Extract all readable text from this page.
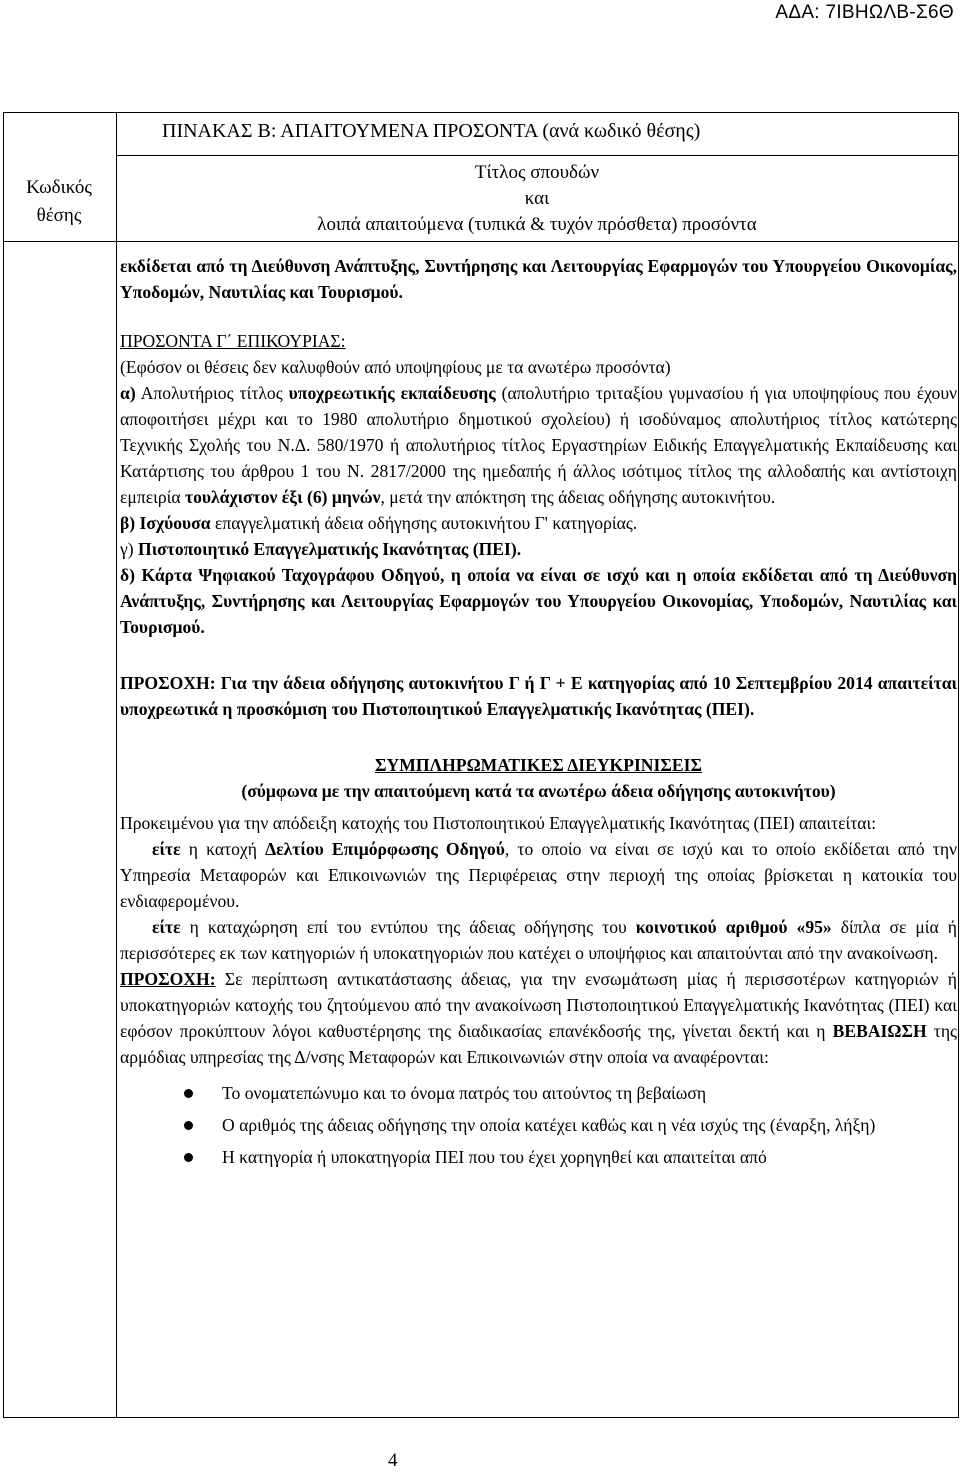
ΑΔΑ: 7ΙΒΗΩΛΒ-Σ6Θ
ΠΙΝΑΚΑΣ Β: ΑΠΑΙΤΟΥΜΕΝΑ ΠΡΟΣΟΝΤΑ (ανά κωδικό θέσης)
Κωδικός
θέσης
Τίτλος σπουδών
και
λοιπά απαιτούμενα (τυπικά & τυχόν πρόσθετα) προσόντα

εκδίδεται από τη Διεύθυνση Ανάπτυξης, Συντήρησης και Λειτουργίας Εφαρμογών του Υπουργείου Οικονομίας, Υποδομών, Ναυτιλίας και Τουρισμού.

ΠΡΟΣΟΝΤΑ Γ΄ ΕΠΙΚΟΥΡΙΑΣ:

(Εφόσον οι θέσεις δεν καλυφθούν από υποψηφίους με τα ανωτέρω προσόντα)

α) Απολυτήριος τίτλος υποχρεωτικής εκπαίδευσης (απολυτήριο τριταξίου γυμνασίου ή για υποψηφίους που έχουν αποφοιτήσει μέχρι και το 1980 απολυτήριο δημοτικού σχολείου) ή ισοδύναμος απολυτήριος τίτλος κατώτερης Τεχνικής Σχολής του Ν.Δ. 580/1970 ή απολυτήριος τίτλος Εργαστηρίων Ειδικής Επαγγελματικής Εκπαίδευσης και Κατάρτισης του άρθρου 1 του Ν. 2817/2000 της ημεδαπής ή άλλος ισότιμος τίτλος της αλλοδαπής και αντίστοιχη εμπειρία τουλάχιστον έξι (6) μηνών, μετά την απόκτηση της άδειας οδήγησης αυτοκινήτου.

β) Ισχύουσα επαγγελματική άδεια οδήγησης αυτοκινήτου Γ' κατηγορίας.

γ) Πιστοποιητικό Επαγγελματικής Ικανότητας (ΠΕΙ).

δ) Κάρτα Ψηφιακού Ταχογράφου Οδηγού, η οποία να είναι σε ισχύ και η οποία εκδίδεται από τη Διεύθυνση Ανάπτυξης, Συντήρησης και Λειτουργίας Εφαρμογών του Υπουργείου Οικονομίας, Υποδομών, Ναυτιλίας και Τουρισμού.

ΠΡΟΣΟΧΗ: Για την άδεια οδήγησης αυτοκινήτου Γ ή Γ + Ε κατηγορίας από 10 Σεπτεμβρίου 2014 απαιτείται υποχρεωτικά η προσκόμιση του Πιστοποιητικού Επαγγελματικής Ικανότητας (ΠΕΙ).

ΣΥΜΠΛΗΡΩΜΑΤΙΚΕΣ ΔΙΕΥΚΡΙΝΙΣΕΙΣ

(σύμφωνα με την απαιτούμενη κατά τα ανωτέρω άδεια οδήγησης αυτοκινήτου)

Προκειμένου για την απόδειξη κατοχής του Πιστοποιητικού Επαγγελματικής Ικανότητας (ΠΕΙ) απαιτείται:

είτε η κατοχή Δελτίου Επιμόρφωσης Οδηγού, το οποίο να είναι σε ισχύ και το οποίο εκδίδεται από την Υπηρεσία Μεταφορών και Επικοινωνιών της Περιφέρειας στην περιοχή της οποίας βρίσκεται η κατοικία του ενδιαφερομένου.

είτε η καταχώρηση επί του εντύπου της άδειας οδήγησης του κοινοτικού αριθμού «95» δίπλα σε μία ή περισσότερες εκ των κατηγοριών ή υποκατηγοριών που κατέχει ο υποψήφιος και απαιτούνται από την ανακοίνωση.

ΠΡΟΣΟΧΗ: Σε περίπτωση αντικατάστασης άδειας, για την ενσωμάτωση μίας ή περισσοτέρων κατηγοριών ή υποκατηγοριών κατοχής του ζητούμενου από την ανακοίνωση Πιστοποιητικού Επαγγελματικής Ικανότητας (ΠΕΙ) και εφόσον προκύπτουν λόγοι καθυστέρησης της διαδικασίας επανέκδοσής της, γίνεται δεκτή και η ΒΕΒΑΙΩΣΗ της αρμόδιας υπηρεσίας της Δ/νσης Μεταφορών και Επικοινωνιών στην οποία να αναφέρονται:

Το ονοματεπώνυμο και το όνομα πατρός του αιτούντος τη βεβαίωση
Ο αριθμός της άδειας οδήγησης την οποία κατέχει καθώς και η νέα ισχύς της (έναρξη, λήξη)
Η κατηγορία ή υποκατηγορία ΠΕΙ που του έχει χορηγηθεί και απαιτείται από
4
